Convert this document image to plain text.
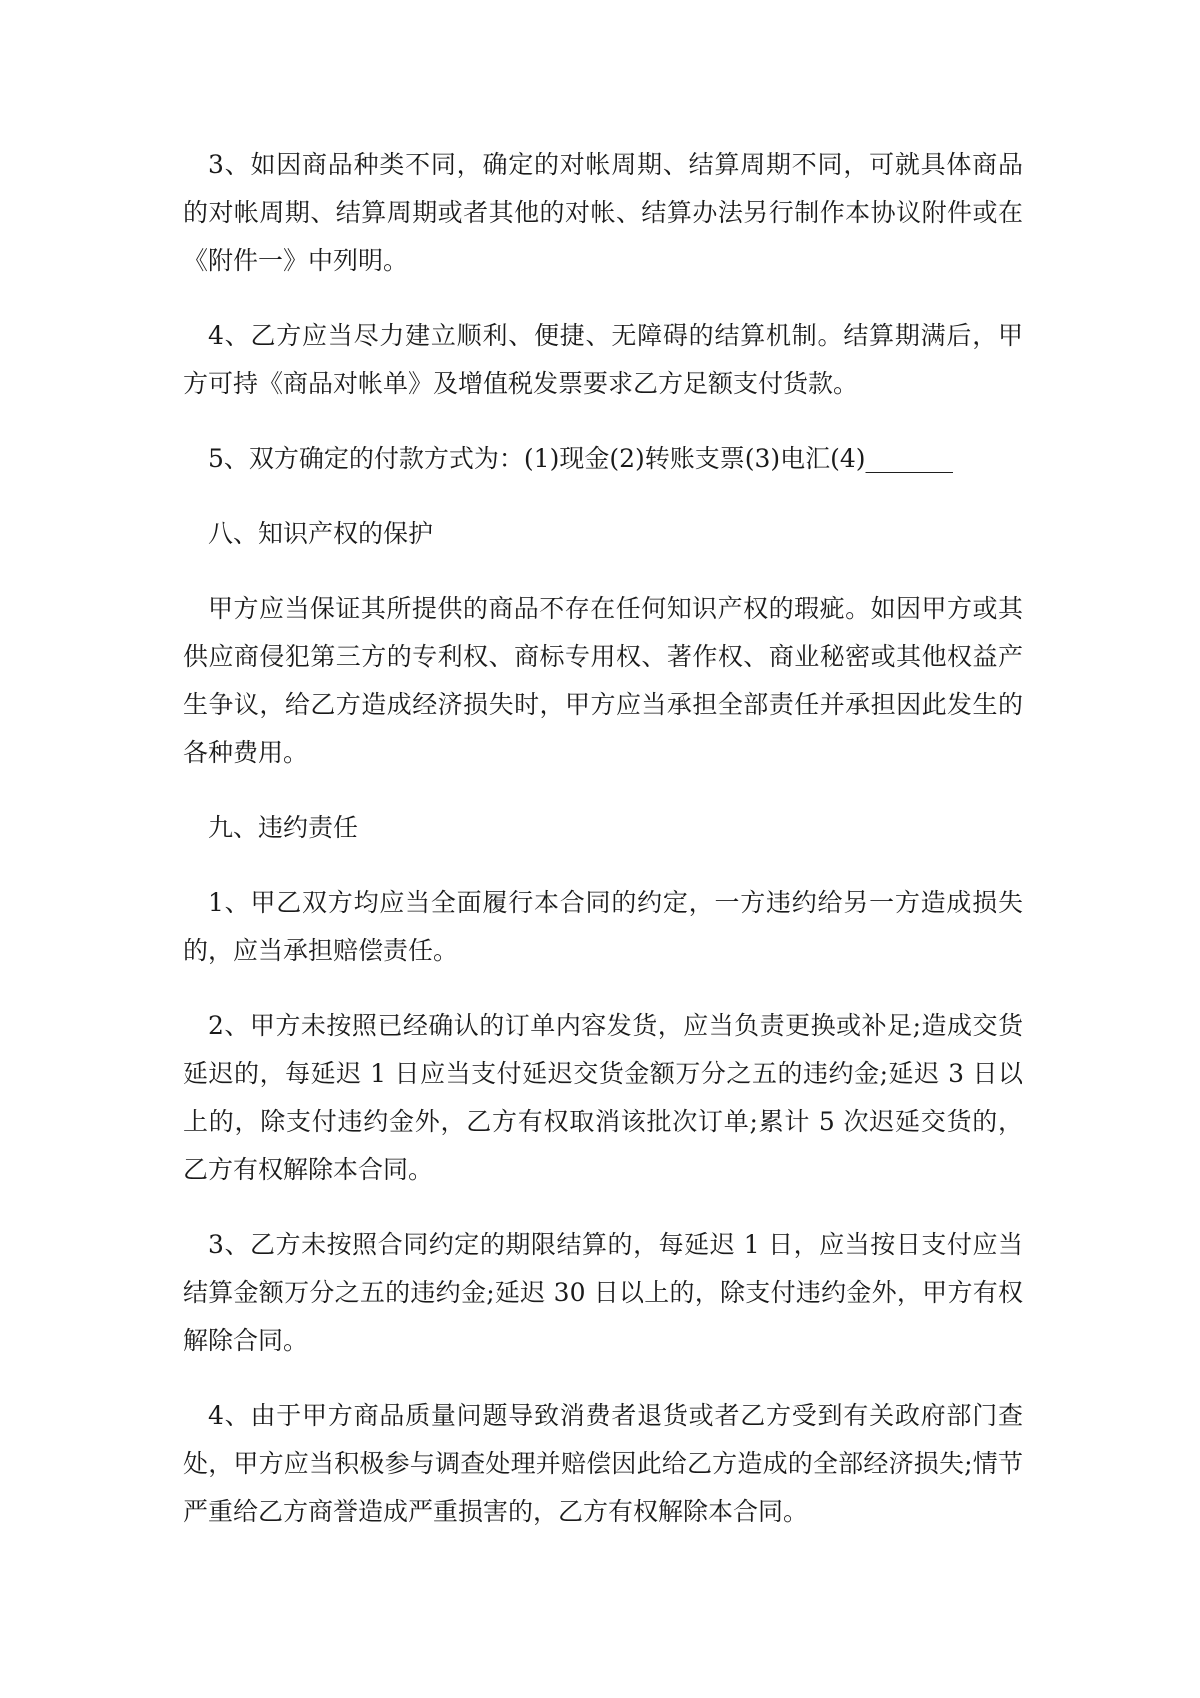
3、如因商品种类不同，确定的对帐周期、结算周期不同，可就具体商品的对帐周期、结算周期或者其他的对帐、结算办法另行制作本协议附件或在《附件一》中列明。

4、乙方应当尽力建立顺利、便捷、无障碍的结算机制。结算期满后，甲方可持《商品对帐单》及增值税发票要求乙方足额支付货款。

5、双方确定的付款方式为：(1)现金(2)转账支票(3)电汇(4)_______

八、知识产权的保护

甲方应当保证其所提供的商品不存在任何知识产权的瑕疵。如因甲方或其供应商侵犯第三方的专利权、商标专用权、著作权、商业秘密或其他权益产生争议，给乙方造成经济损失时，甲方应当承担全部责任并承担因此发生的各种费用。

九、违约责任

1、甲乙双方均应当全面履行本合同的约定，一方违约给另一方造成损失的，应当承担赔偿责任。

2、甲方未按照已经确认的订单内容发货，应当负责更换或补足;造成交货延迟的，每延迟 1 日应当支付延迟交货金额万分之五的违约金;延迟 3 日以上的，除支付违约金外，乙方有权取消该批次订单;累计 5 次迟延交货的，乙方有权解除本合同。

3、乙方未按照合同约定的期限结算的，每延迟 1 日，应当按日支付应当结算金额万分之五的违约金;延迟 30 日以上的，除支付违约金外，甲方有权解除合同。

4、由于甲方商品质量问题导致消费者退货或者乙方受到有关政府部门查处，甲方应当积极参与调查处理并赔偿因此给乙方造成的全部经济损失;情节严重给乙方商誉造成严重损害的，乙方有权解除本合同。
